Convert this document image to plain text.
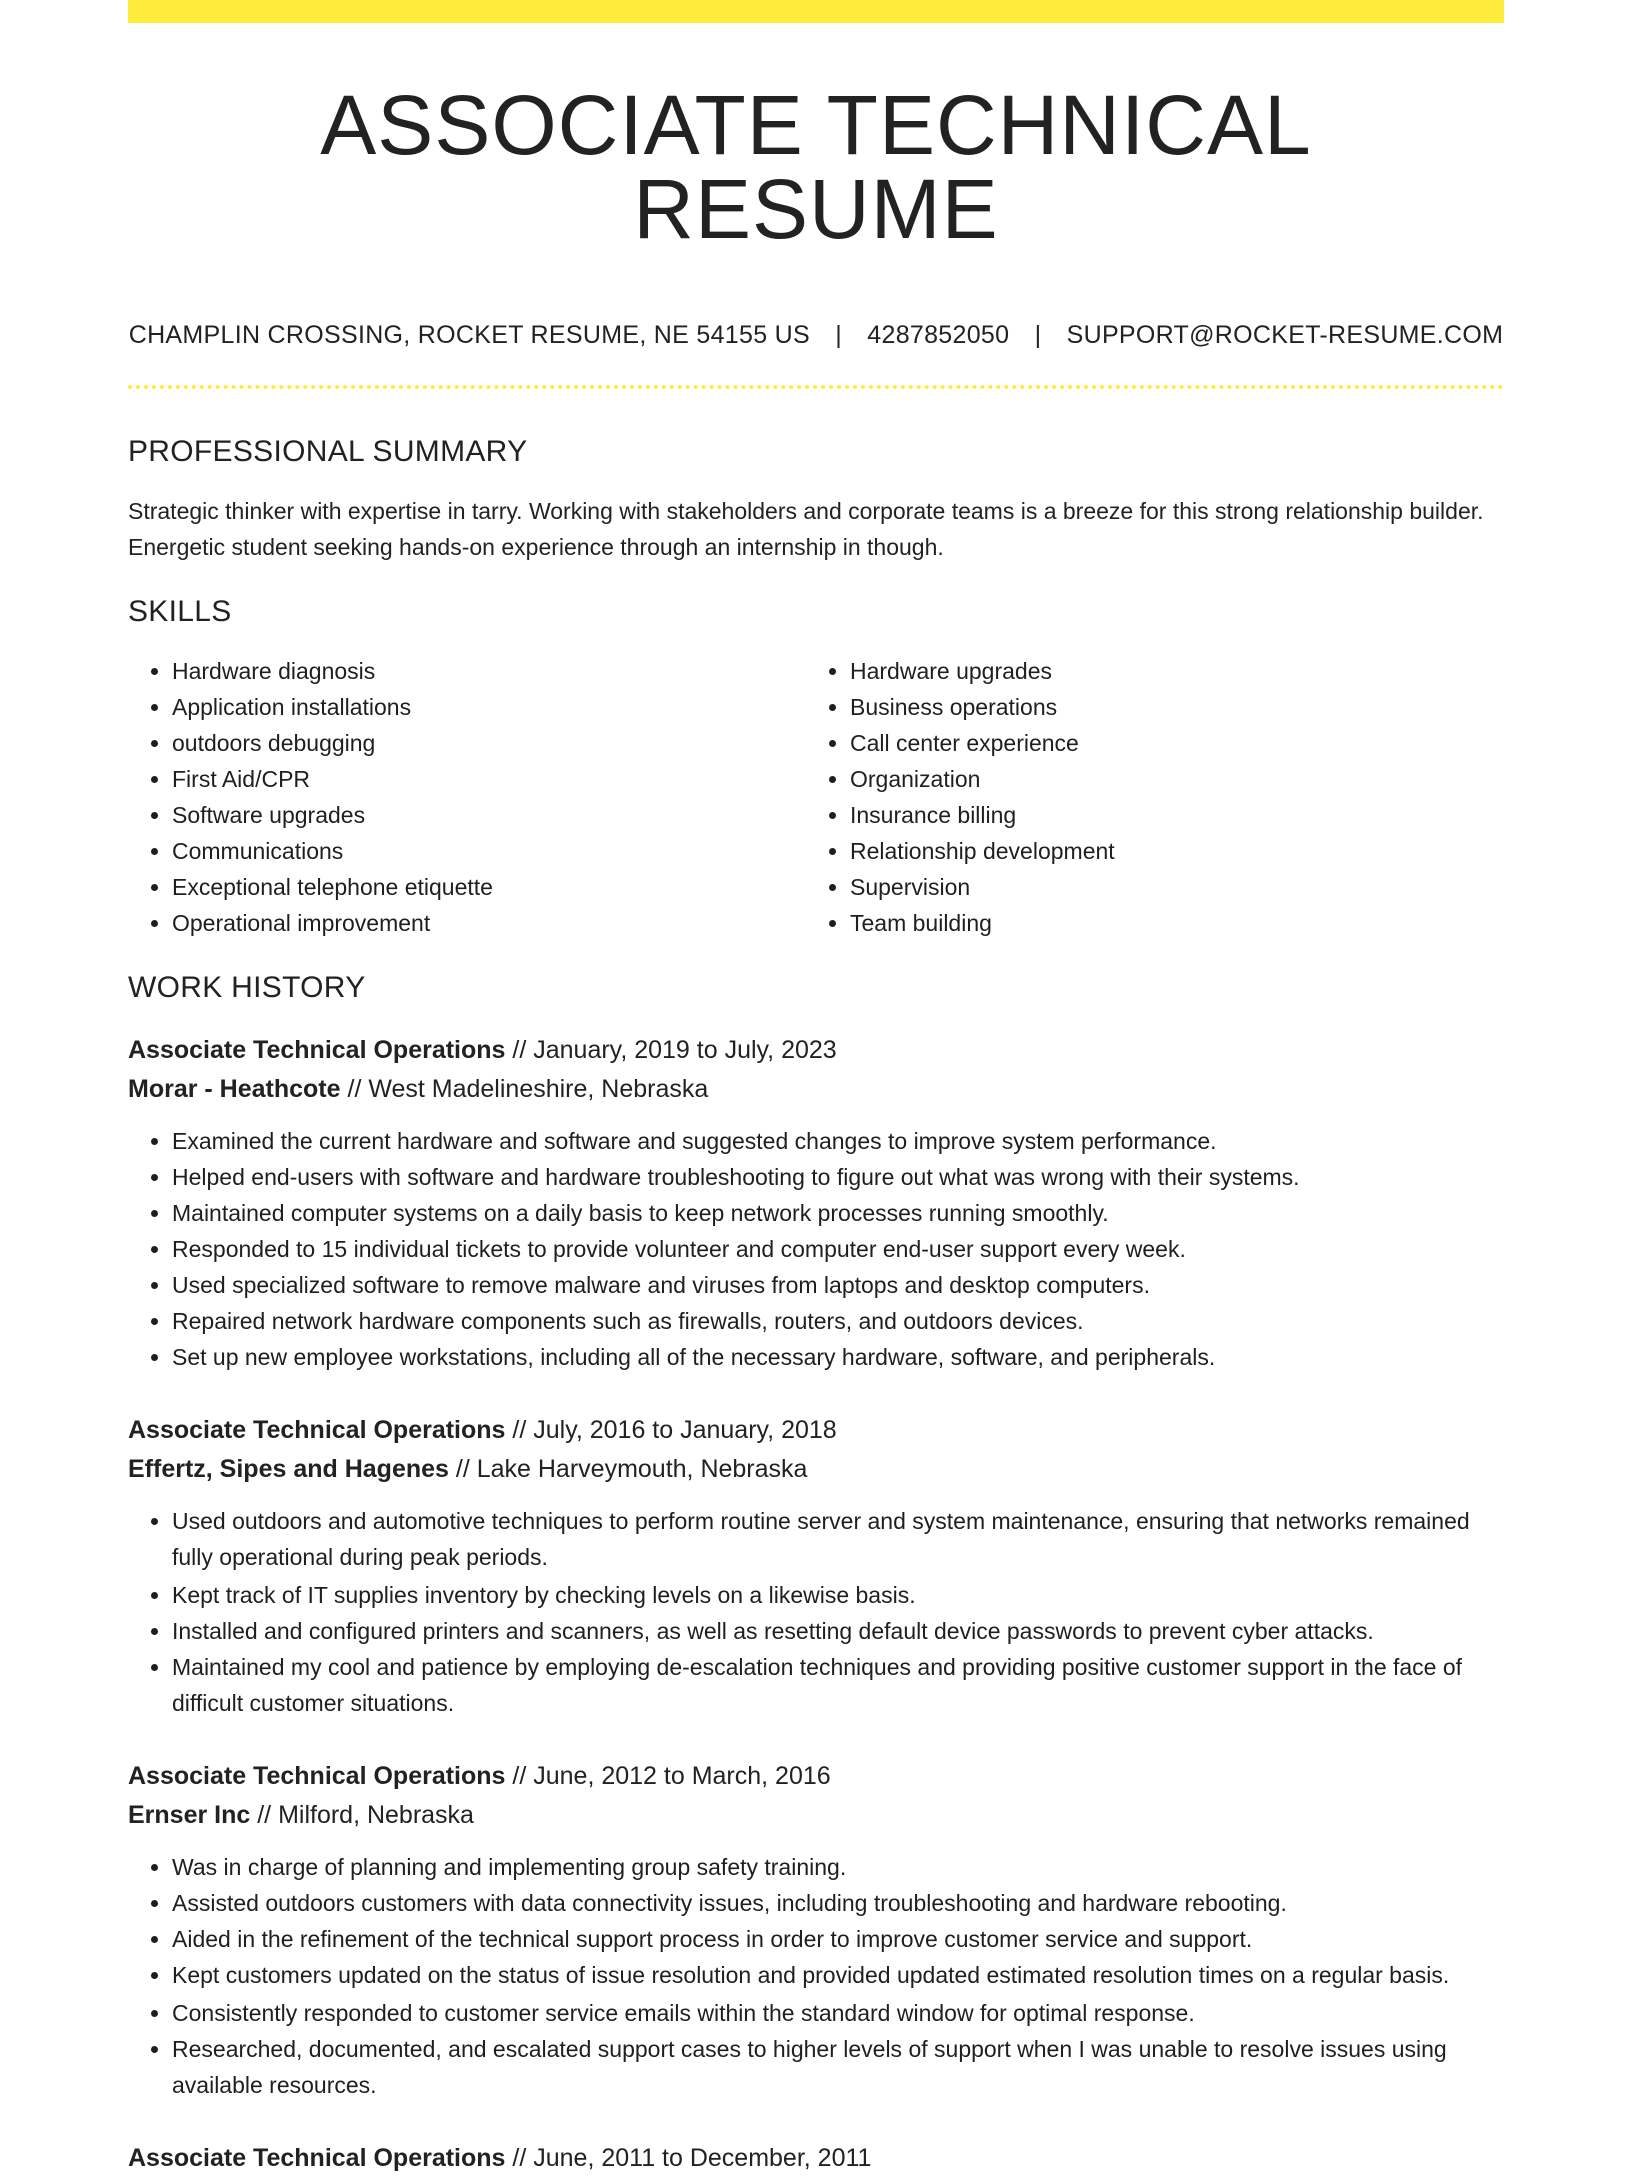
ASSOCIATE TECHNICAL RESUME
CHAMPLIN CROSSING, ROCKET RESUME, NE 54155 US | 4287852050 | SUPPORT@ROCKET-RESUME.COM
PROFESSIONAL SUMMARY
Strategic thinker with expertise in tarry. Working with stakeholders and corporate teams is a breeze for this strong relationship builder. Energetic student seeking hands-on experience through an internship in though.
SKILLS
• Hardware diagnosis
• Application installations
• outdoors debugging
• First Aid/CPR
• Software upgrades
• Communications
• Exceptional telephone etiquette
• Operational improvement
• Hardware upgrades
• Business operations
• Call center experience
• Organization
• Insurance billing
• Relationship development
• Supervision
• Team building
WORK HISTORY
Associate Technical Operations // January, 2019 to July, 2023
Morar - Heathcote // West Madelineshire, Nebraska
• Examined the current hardware and software and suggested changes to improve system performance.
• Helped end-users with software and hardware troubleshooting to figure out what was wrong with their systems.
• Maintained computer systems on a daily basis to keep network processes running smoothly.
• Responded to 15 individual tickets to provide volunteer and computer end-user support every week.
• Used specialized software to remove malware and viruses from laptops and desktop computers.
• Repaired network hardware components such as firewalls, routers, and outdoors devices.
• Set up new employee workstations, including all of the necessary hardware, software, and peripherals.
Associate Technical Operations // July, 2016 to January, 2018
Effertz, Sipes and Hagenes // Lake Harveymouth, Nebraska
• Used outdoors and automotive techniques to perform routine server and system maintenance, ensuring that networks remained fully operational during peak periods.
• Kept track of IT supplies inventory by checking levels on a likewise basis.
• Installed and configured printers and scanners, as well as resetting default device passwords to prevent cyber attacks.
• Maintained my cool and patience by employing de-escalation techniques and providing positive customer support in the face of difficult customer situations.
Associate Technical Operations // June, 2012 to March, 2016
Ernser Inc // Milford, Nebraska
• Was in charge of planning and implementing group safety training.
• Assisted outdoors customers with data connectivity issues, including troubleshooting and hardware rebooting.
• Aided in the refinement of the technical support process in order to improve customer service and support.
• Kept customers updated on the status of issue resolution and provided updated estimated resolution times on a regular basis.
• Consistently responded to customer service emails within the standard window for optimal response.
• Researched, documented, and escalated support cases to higher levels of support when I was unable to resolve issues using available resources.
Associate Technical Operations // June, 2011 to December, 2011
